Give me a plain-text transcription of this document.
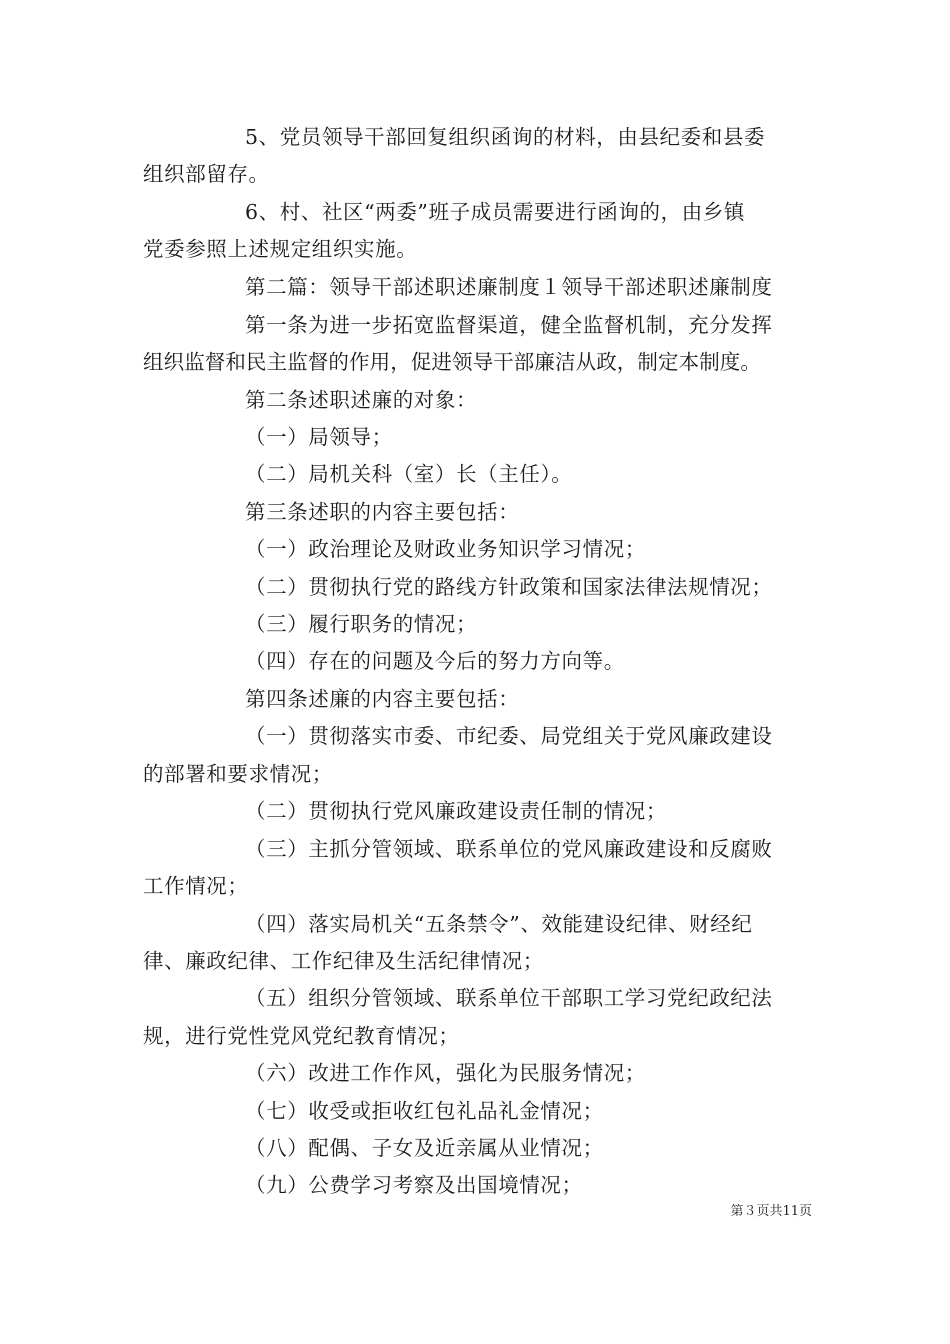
5、党员领导干部回复组织函询的材料，由县纪委和县委
组织部留存。
6、村、社区“两委”班子成员需要进行函询的，由乡镇
党委参照上述规定组织实施。
第二篇：领导干部述职述廉制度１领导干部述职述廉制度
第一条为进一步拓宽监督渠道，健全监督机制，充分发挥
组织监督和民主监督的作用，促进领导干部廉洁从政，制定本制度。
第二条述职述廉的对象：
（一）局领导；
（二）局机关科（室）长（主任）。
第三条述职的内容主要包括：
（一）政治理论及财政业务知识学习情况；
（二）贯彻执行党的路线方针政策和国家法律法规情况；
（三）履行职务的情况；
（四）存在的问题及今后的努力方向等。
第四条述廉的内容主要包括：
（一）贯彻落实市委、市纪委、局党组关于党风廉政建设
的部署和要求情况；
（二）贯彻执行党风廉政建设责任制的情况；
（三）主抓分管领域、联系单位的党风廉政建设和反腐败
工作情况；
（四）落实局机关“五条禁令”、效能建设纪律、财经纪
律、廉政纪律、工作纪律及生活纪律情况；
（五）组织分管领域、联系单位干部职工学习党纪政纪法
规，进行党性党风党纪教育情况；
（六）改进工作作风，强化为民服务情况；
（七）收受或拒收红包礼品礼金情况；
（八）配偶、子女及近亲属从业情况；
（九）公费学习考察及出国境情况；
第３页共11页
